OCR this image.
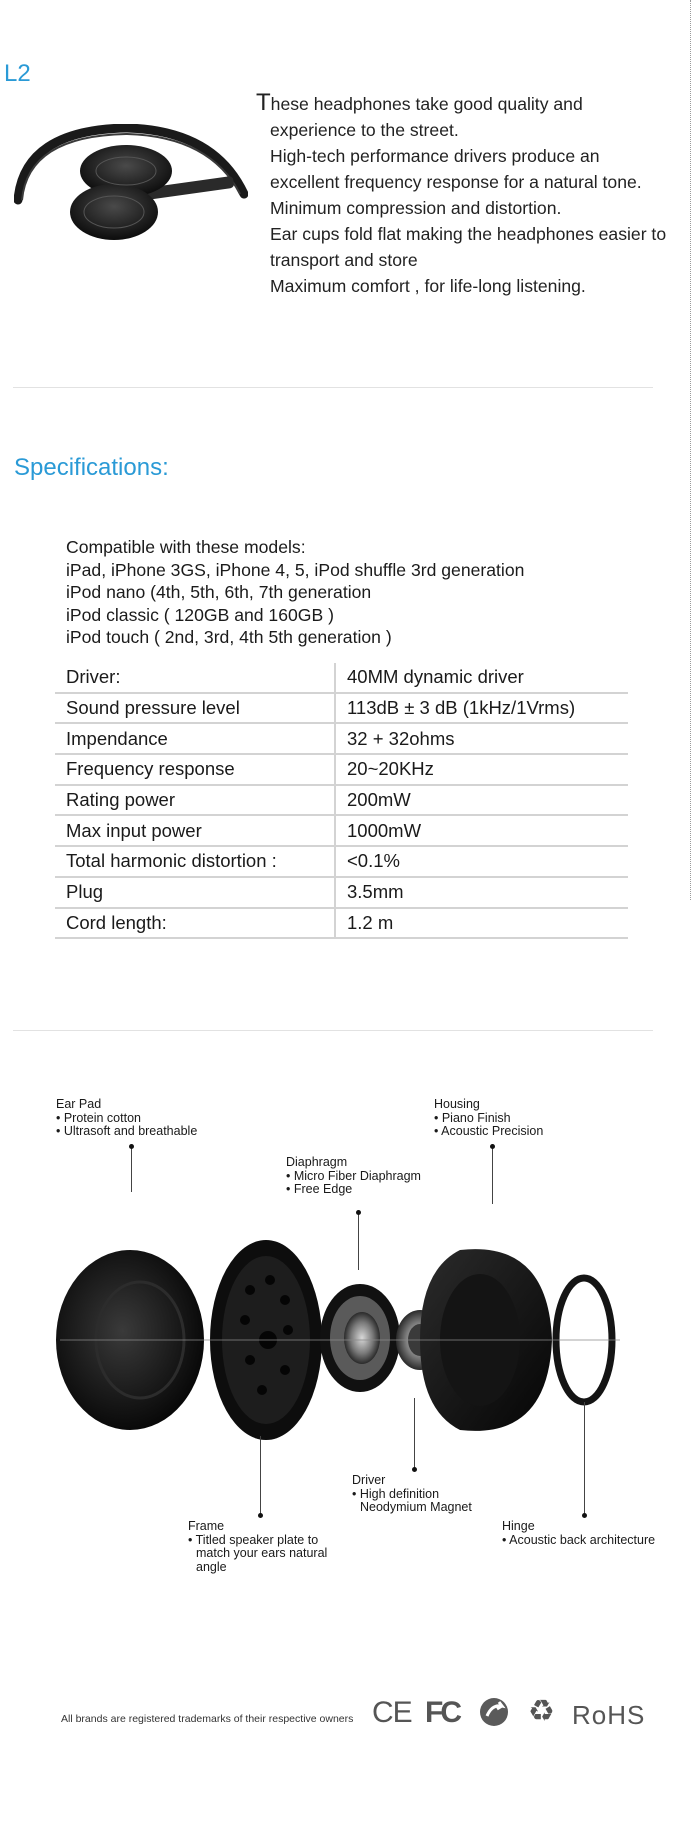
L2
These headphones take good quality and
experience to the street.
High-tech performance drivers produce an
excellent frequency response for a natural tone.
Minimum compression and distortion.
Ear cups fold flat making the headphones easier to
transport and store
Maximum comfort , for life-long listening.
Specifications:
Compatible with these models:
iPad, iPhone 3GS, iPhone 4, 5, iPod shuffle 3rd generation
iPod nano (4th, 5th, 6th, 7th generation
iPod classic ( 120GB and 160GB )
iPod touch ( 2nd, 3rd, 4th 5th generation )
Driver:	40MM dynamic driver
Sound pressure level	113dB ± 3 dB (1kHz/1Vrms)
Impendance	32 + 32ohms
Frequency response	20~20KHz
Rating power	200mW
Max input power	1000mW
Total harmonic distortion :	<0.1%
Plug	3.5mm
Cord length:	1.2 m
Ear Pad
• Protein cotton
• Ultrasoft and breathable
Housing
• Piano Finish
• Acoustic Precision
Diaphragm
• Micro Fiber Diaphragm
• Free Edge
Driver
• High definition
Neodymium Magnet
Frame
• Titled speaker plate to
match your ears natural
angle
Hinge
• Acoustic back architecture
All brands are registered trademarks of their respective owners CE FC ♻ RoHS
